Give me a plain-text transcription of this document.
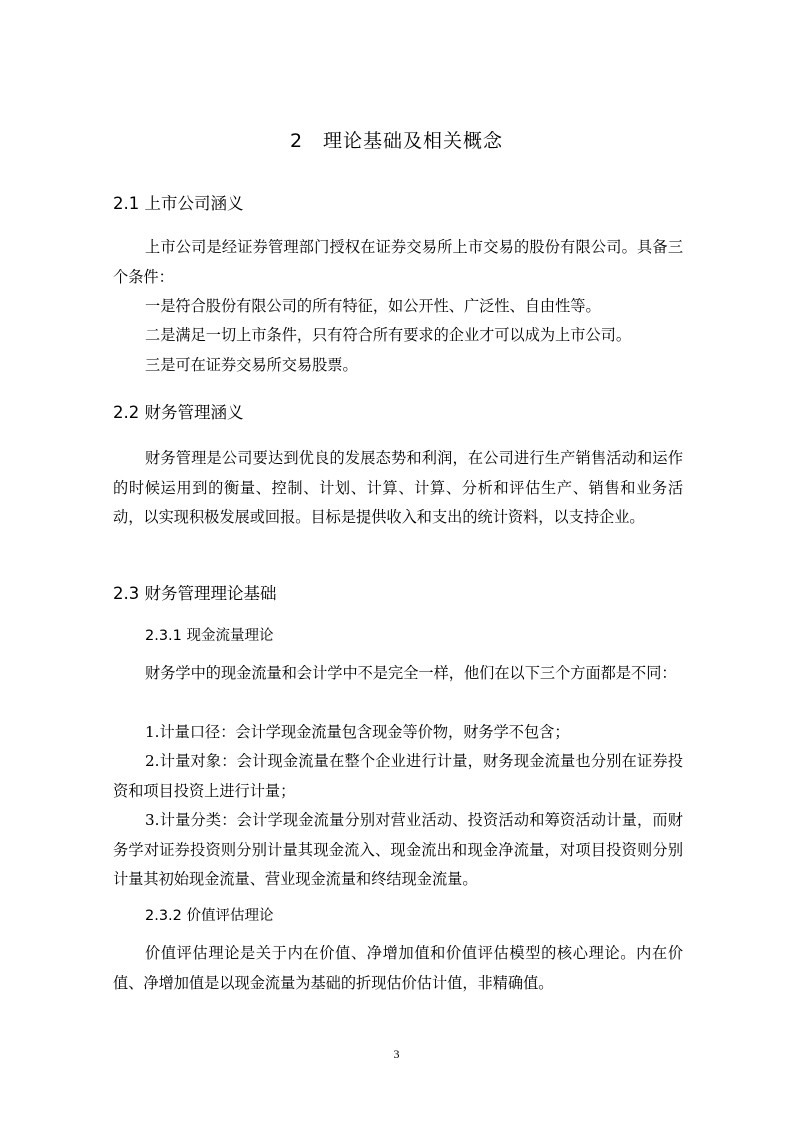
2　理论基础及相关概念
2.1 上市公司涵义
上市公司是经证券管理部门授权在证券交易所上市交易的股份有限公司。具备三个条件：
一是符合股份有限公司的所有特征，如公开性、广泛性、自由性等。
二是满足一切上市条件，只有符合所有要求的企业才可以成为上市公司。
三是可在证券交易所交易股票。
2.2 财务管理涵义
财务管理是公司要达到优良的发展态势和利润，在公司进行生产销售活动和运作的时候运用到的衡量、控制、计划、计算、计算、分析和评估生产、销售和业务活动，以实现积极发展或回报。目标是提供收入和支出的统计资料，以支持企业。
2.3 财务管理理论基础
2.3.1 现金流量理论
财务学中的现金流量和会计学中不是完全一样，他们在以下三个方面都是不同：
1.计量口径：会计学现金流量包含现金等价物，财务学不包含；
2.计量对象：会计现金流量在整个企业进行计量，财务现金流量也分别在证券投资和项目投资上进行计量；
3.计量分类：会计学现金流量分别对营业活动、投资活动和筹资活动计量，而财务学对证券投资则分别计量其现金流入、现金流出和现金净流量，对项目投资则分别计量其初始现金流量、营业现金流量和终结现金流量。
2.3.2 价值评估理论
价值评估理论是关于内在价值、净增加值和价值评估模型的核心理论。内在价值、净增加值是以现金流量为基础的折现估价估计值，非精确值。
3
